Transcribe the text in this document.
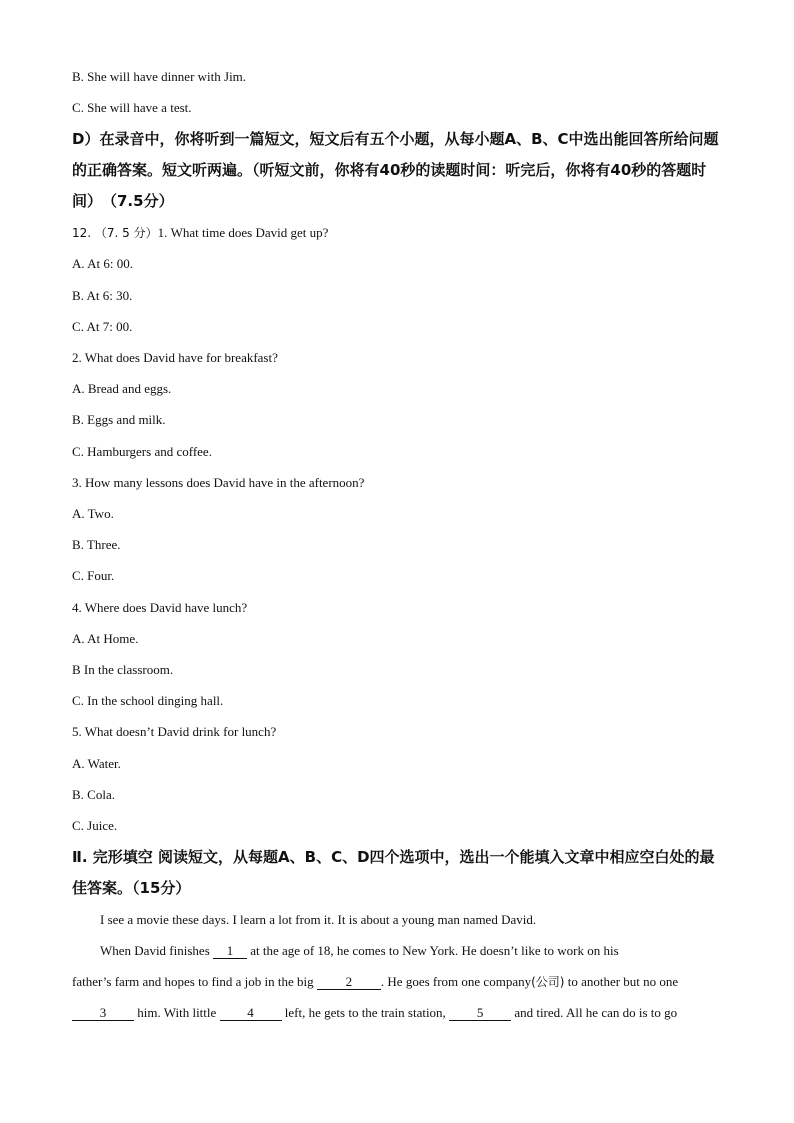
B. She will have dinner with Jim.
C. She will have a test.
D）在录音中，你将听到一篇短文，短文后有五个小题，从每小题A、B、C中选出能回答所给问题的正确答案。短文听两遍。（听短文前，你将有40秒的读题时间：听完后，你将有40秒的答题时间）　（7.5分）
12. （7. 5 分）1. What time does David get up?
A. At 6: 00.
B. At 6: 30.
C. At 7: 00.
2. What does David have for breakfast?
A. Bread and eggs.
B. Eggs and milk.
C. Hamburgers and coffee.
3. How many lessons does David have in the afternoon?
A. Two.
B. Three.
C. Four.
4. Where does David have lunch?
A. At Home.
B In the classroom.
C. In the school dinging hall.
5. What doesn’t David drink for lunch?
A. Water.
B. Cola.
C. Juice.
Ⅱ. 完形填空 阅读短文，从每题A、B、C、D四个选项中，选出一个能填入文章中相应空白处的最佳答案。（15分）
I see a movie these days. I learn a lot from it. It is about a young man named David.
When David finishes 1 at the age of 18, he comes to New York. He doesn’t like to work on his
father’s farm and hopes to find a job in the big 2 . He goes from one company(公司) to another but no one
3 him. With little 4 left, he gets to the train station, 5 and tired. All he can do is to go
